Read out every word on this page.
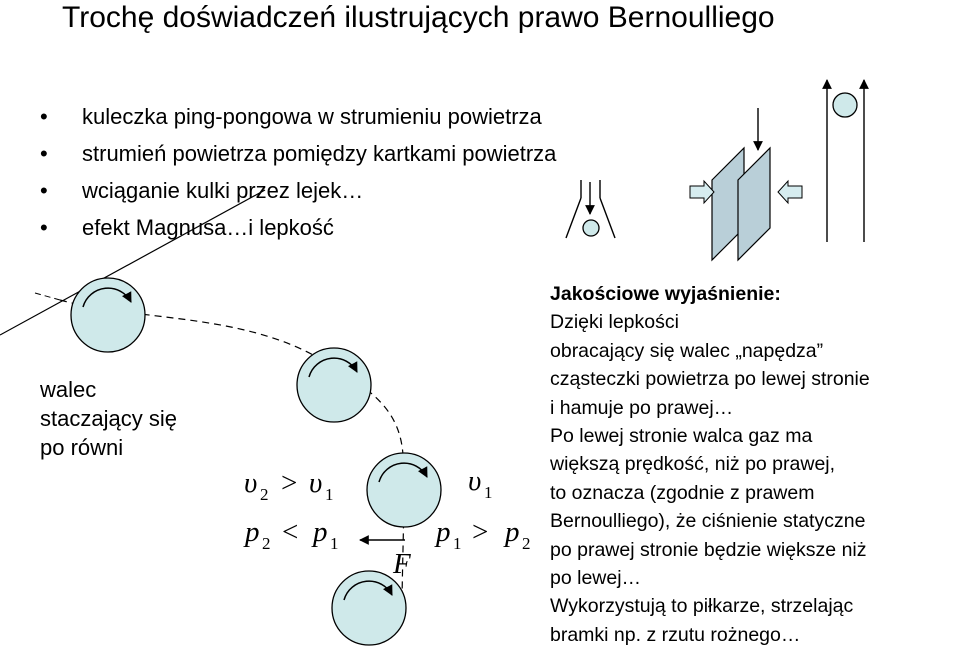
Trochę doświadczeń ilustrujących prawo Bernoulliego
• kuleczka ping-pongowa w strumieniu powietrza
• strumień powietrza pomiędzy kartkami powietrza
• wciąganie kulki przez lejek…
• efekt Magnusa…i lepkość
walec
staczający się
po równi
Jakościowe wyjaśnienie:
Dzięki lepkości
obracający się walec „napędza”
cząsteczki powietrza po lewej stronie
i hamuje po prawej…
Po lewej stronie walca gaz ma
większą prędkość, niż po prawej,
to oznacza (zgodnie z prawem
Bernoulliego), że ciśnienie statyczne
po prawej stronie będzie większe niż
po lewej…
Wykorzystują to piłkarze, strzelając
bramki np. z rzutu rożnego…
υ 2 > υ 1
p 2 < p 1
υ 1
p 1 > p 2
F
